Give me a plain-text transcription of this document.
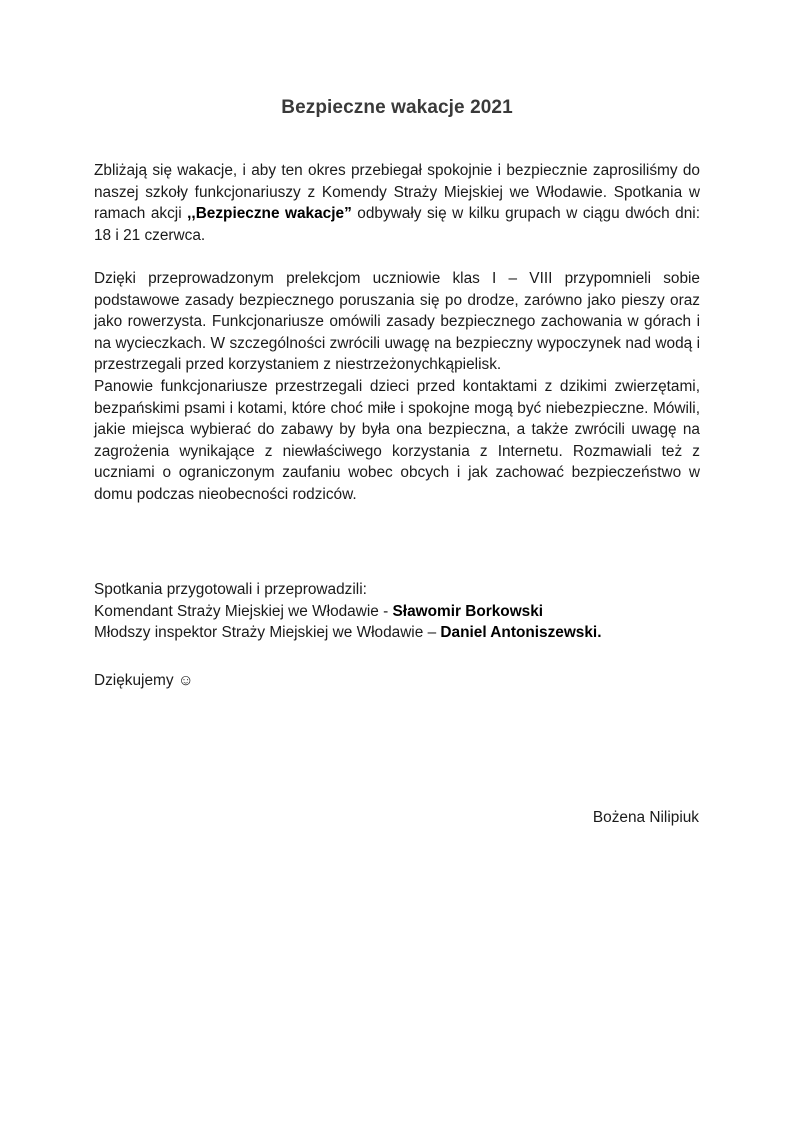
Bezpieczne wakacje 2021

Zbliżają się wakacje, i aby ten okres przebiegał spokojnie i bezpiecznie zaprosiliśmy do naszej szkoły funkcjonariuszy z Komendy Straży Miejskiej we Włodawie. Spotkania w ramach akcji ,,Bezpieczne wakacje” odbywały się w kilku grupach w ciągu dwóch dni: 18 i 21 czerwca.

Dzięki przeprowadzonym prelekcjom uczniowie klas I – VIII przypomnieli sobie podstawowe zasady bezpiecznego poruszania się po drodze, zarówno jako pieszy oraz jako rowerzysta. Funkcjonariusze omówili zasady bezpiecznego zachowania w górach i na wycieczkach. W szczególności zwrócili uwagę na bezpieczny wypoczynek nad wodą i przestrzegali przed korzystaniem z niestrzeżonychkąpielisk.

Panowie funkcjonariusze przestrzegali dzieci przed kontaktami z dzikimi zwierzętami, bezpańskimi psami i kotami, które choć miłe i spokojne mogą być niebezpieczne. Mówili, jakie miejsca wybierać do zabawy by była ona bezpieczna, a także zwrócili uwagę na zagrożenia wynikające z niewłaściwego korzystania z Internetu. Rozmawiali też z uczniami o ograniczonym zaufaniu wobec obcych i jak zachować bezpieczeństwo w domu podczas nieobecności rodziców.

Spotkania przygotowali i przeprowadzili:
Komendant Straży Miejskiej we Włodawie - Sławomir Borkowski
Młodszy inspektor Straży Miejskiej we Włodawie – Daniel Antoniszewski.
Dziękujemy ☺
Bożena Nilipiuk
